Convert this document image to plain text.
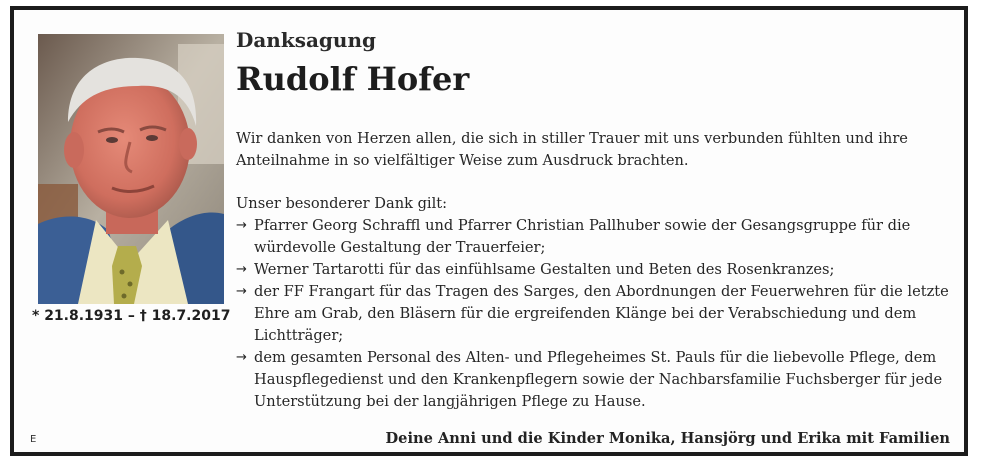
* 21.8.1931 – † 18.7.2017
Danksagung
Rudolf Hofer

Wir danken von Herzen allen, die sich in stiller Trauer mit uns verbunden fühlten und ihre Anteilnahme in so vielfältiger Weise zum Ausdruck brachten.

Unser besonderer Dank gilt:

→ Pfarrer Georg Schraffl und Pfarrer Christian Pallhuber sowie der Gesangsgruppe für die würdevolle Gestaltung der Trauerfeier;
→ Werner Tartarotti für das einfühlsame Gestalten und Beten des Rosenkranzes;
→ der FF Frangart für das Tragen des Sarges, den Abordnungen der Feuerwehren für die letzte Ehre am Grab, den Bläsern für die ergreifenden Klänge bei der Verabschiedung und dem Lichtträger;
→ dem gesamten Personal des Alten- und Pflegeheimes St. Pauls für die liebevolle Pflege, dem Hauspflegedienst und den Krankenpflegern sowie der Nachbarsfamilie Fuchsberger für jede Unterstützung bei der langjährigen Pflege zu Hause.
E	Deine Anni und die Kinder Monika, Hansjörg und Erika mit Familien
